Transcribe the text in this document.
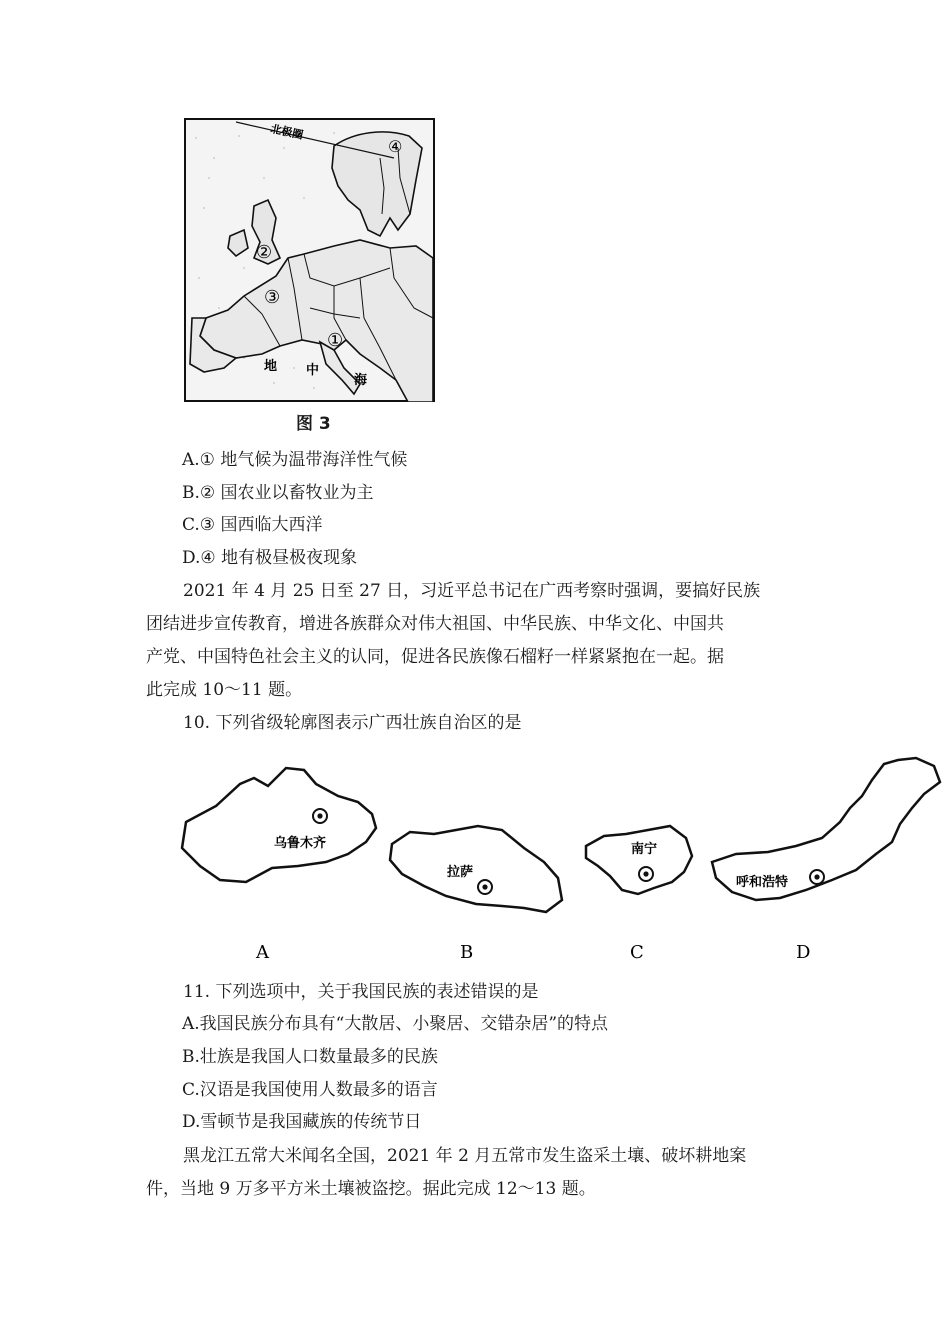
北极圈
②
③
①
④
地 中
海
图 3
A.① 地气候为温带海洋性气候
B.② 国农业以畜牧业为主
C.③ 国西临大西洋
D.④ 地有极昼极夜现象
2021 年 4 月 25 日至 27 日，习近平总书记在广西考察时强调，要搞好民族
团结进步宣传教育，增进各族群众对伟大祖国、中华民族、中华文化、中国共
产党、中国特色社会主义的认同，促进各民族像石榴籽一样紧紧抱在一起。据
此完成 10～11 题。
10. 下列省级轮廓图表示广西壮族自治区的是
乌鲁木齐
A
拉萨
B
南宁
C
呼和浩特
D
11. 下列选项中，关于我国民族的表述错误的是
A.我国民族分布具有“大散居、小聚居、交错杂居”的特点
B.壮族是我国人口数量最多的民族
C.汉语是我国使用人数最多的语言
D.雪顿节是我国藏族的传统节日
黑龙江五常大米闻名全国，2021 年 2 月五常市发生盗采土壤、破坏耕地案
件，当地 9 万多平方米土壤被盗挖。据此完成 12～13 题。
